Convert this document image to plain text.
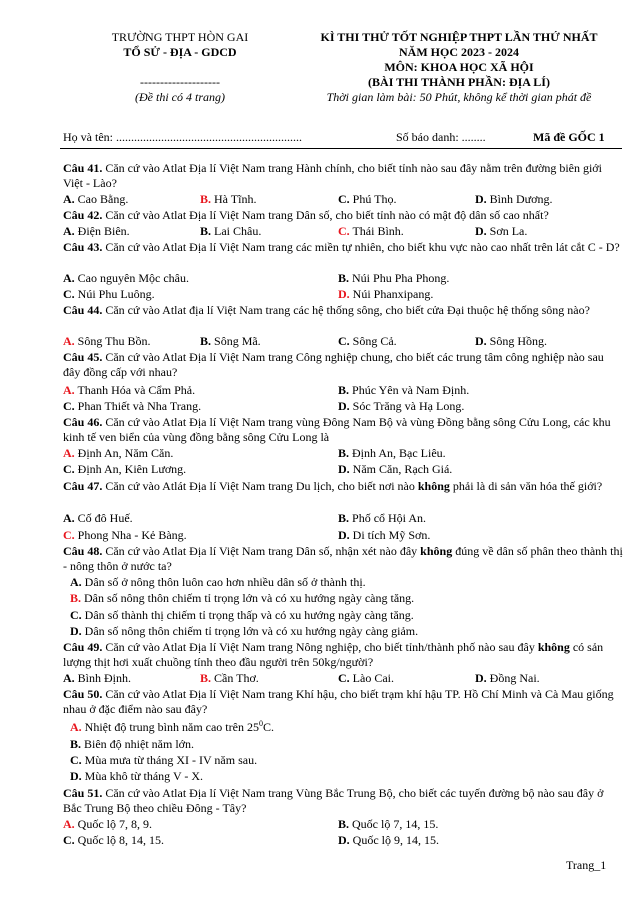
TRƯỜNG THPT HÒN GAI
TỔ SỬ - ĐỊA - GDCD
--------------------
(Đề thi có 4 trang)
KÌ THI THỬ TỐT NGHIỆP THPT LẦN THỨ NHẤT
NĂM HỌC 2023 - 2024
MÔN: KHOA HỌC XÃ HỘI
(BÀI THI THÀNH PHẦN: ĐỊA LÍ)
Thời gian làm bài: 50 Phút, không kể thời gian phát đề
Họ và tên: ..............................................................	Số báo danh: ........	Mã đề GỐC 1
Câu 41. Căn cứ vào Atlat Địa lí Việt Nam trang Hành chính, cho biết tỉnh nào sau đây nằm trên đường biên giới Việt - Lào?
A. Cao Bằng.	B. Hà Tĩnh.	C. Phú Thọ.	D. Bình Dương.
Câu 42. Căn cứ vào Atlat Địa lí Việt Nam trang Dân số, cho biết tỉnh nào có mật độ dân số cao nhất?
A. Điện Biên.	B. Lai Châu.	C. Thái Bình.	D. Sơn La.
Câu 43. Căn cứ vào Atlat Địa lí Việt Nam trang các miền tự nhiên, cho biết khu vực nào cao nhất trên lát cắt C - D?
A. Cao nguyên Mộc châu.	B. Núi Phu Pha Phong.
C. Núi Phu Luông.	D. Núi Phanxipang.
Câu 44. Căn cứ vào Atlat địa lí Việt Nam trang các hệ thống sông, cho biết cửa Đại thuộc hệ thống sông nào?
A. Sông Thu Bồn.	B. Sông Mã.	C. Sông Cả.	D. Sông Hồng.
Câu 45. Căn cứ vào Atlat Địa lí Việt Nam trang Công nghiệp chung, cho biết các trung tâm công nghiệp nào sau đây đồng cấp với nhau?
A. Thanh Hóa và Cẩm Phả.	B. Phúc Yên và Nam Định.
C. Phan Thiết và Nha Trang.	D. Sóc Trăng và Hạ Long.
Câu 46. Căn cứ vào Atlat Địa lí Việt Nam trang vùng Đông Nam Bộ và vùng Đồng bằng sông Cửu Long, các khu kinh tế ven biển của vùng đồng bằng sông Cửu Long là
A. Định An, Năm Căn.	B. Định An, Bạc Liêu.
C. Định An, Kiên Lương.	D. Năm Căn, Rạch Giá.
Câu 47. Căn cứ vào Atlát Địa lí Việt Nam trang Du lịch, cho biết nơi nào không phải là di sản văn hóa thế giới?
A. Cố đô Huế.	B. Phố cổ Hội An.
C. Phong Nha - Kẻ Bàng.	D. Di tích Mỹ Sơn.
Câu 48. Căn cứ vào Atlat Địa lí Việt Nam trang Dân số, nhận xét nào đây không đúng về dân số phân theo thành thị - nông thôn ở nước ta?
A. Dân số ở nông thôn luôn cao hơn nhiều dân số ở thành thị.
B. Dân số nông thôn chiếm tỉ trọng lớn và có xu hướng ngày càng tăng.
C. Dân số thành thị chiếm tỉ trọng thấp và có xu hướng ngày càng tăng.
D. Dân số nông thôn chiếm tỉ trọng lớn và có xu hướng ngày càng giảm.
Câu 49. Căn cứ vào Atlat Địa lí Việt Nam trang Nông nghiệp, cho biết tỉnh/thành phố nào sau đây không có sản lượng thịt hơi xuất chuồng tính theo đầu người trên 50kg/người?
A. Bình Định.	B. Cần Thơ.	C. Lào Cai.	D. Đồng Nai.
Câu 50. Căn cứ vào Atlat Địa lí Việt Nam trang Khí hậu, cho biết trạm khí hậu TP. Hồ Chí Minh và Cà Mau giống nhau ở đặc điểm nào sau đây?
A. Nhiệt độ trung bình năm cao trên $25^0C$.
B. Biên độ nhiệt năm lớn.
C. Mùa mưa từ tháng XI - IV năm sau.
D. Mùa khô từ tháng V - X.
Câu 51. Căn cứ vào Atlat Địa lí Việt Nam trang Vùng Bắc Trung Bộ, cho biết các tuyến đường bộ nào sau đây ở Bắc Trung Bộ theo chiều Đông - Tây?
A. Quốc lộ 7, 8, 9.	B. Quốc lộ 7, 14, 15.
C. Quốc lộ 8, 14, 15.	D. Quốc lộ 9, 14, 15.
Trang_1
